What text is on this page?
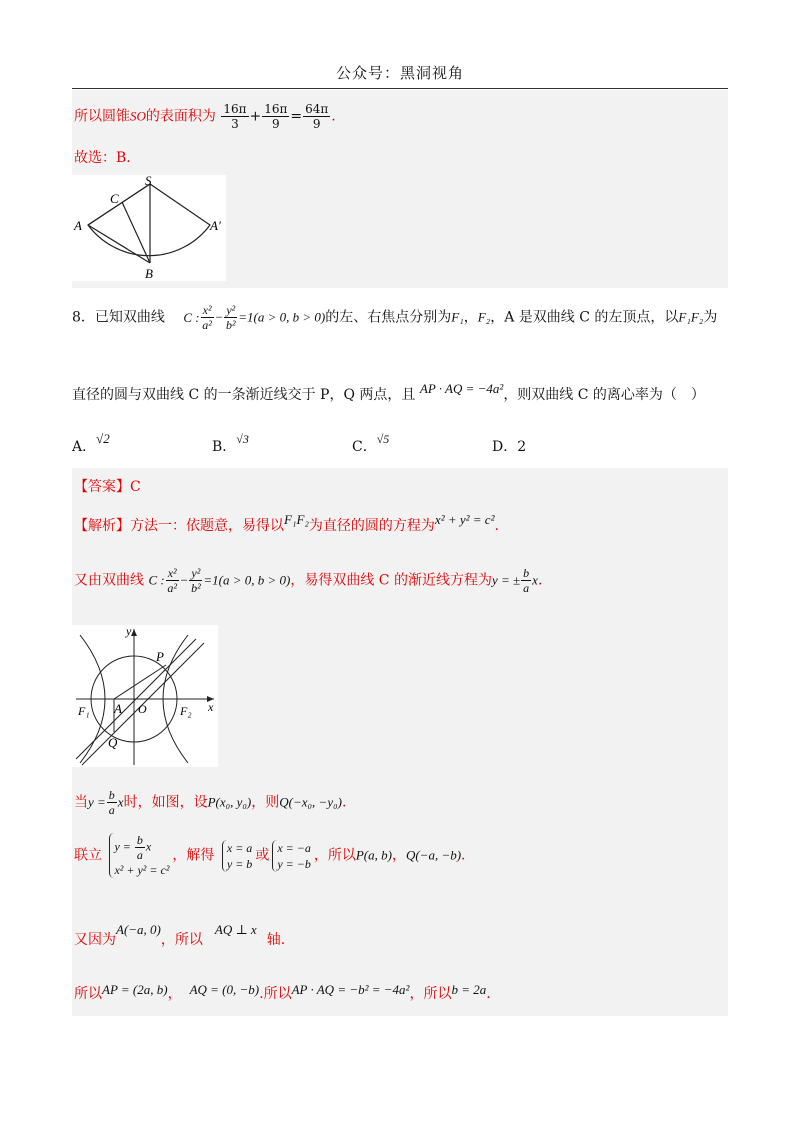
公众号：黑洞视角
所以圆锥SO的表面积为 $\frac{16\pi}{3} + \frac{16\pi}{9} = \frac{64\pi}{9}$ .
故选：B.
S
C
A	A′
B
8．已知双曲线 C : $\frac{\text{x²}}{\text{a²}} - \frac{\text{y²}}{\text{b²}} =1(a > 0$, b > 0)的左、右焦点分别为F₁，F₂，A 是双曲线 C 的左顶点，以F₁F₂为
直径的圆与双曲线 C 的一条渐近线交于 P，Q 两点，且 AP · AQ = −4a²，则双曲线 C 的离心率为（　）
A．√2
B．√3	C．√5	D．2
【答案】C
【解析】方法一：依题意，易得以F₁F₂为直径的圆的方程为x² + y² = c².
又由双曲线 C : $\frac{\text{x²}}{\text{a²}} - \frac{\text{y²}}{\text{b²}} =1(a > 0$, b > 0)，易得双曲线 C 的渐近线方程为y = ± $\frac{b}{a} x$.
y
x
P
Q
F₁	F₂
A O
当$y = \frac{b}{a}$ x时，如图，设P(x₀, y₀)，则Q(−x₀, −y₀).
联立
$y = \frac{b}{a}$ x
x² + y² = c²
，解得 x = a
y = b 或 x = −a
y = −b ，所以P(a, b)，Q(−a, −b).
又因为A(−a, 0)，所以AQ ⊥ x轴.
所以AP = (2a, b)， AQ = (0, −b).所以AP · AQ = −b² = −4a²，所以b = 2a.
